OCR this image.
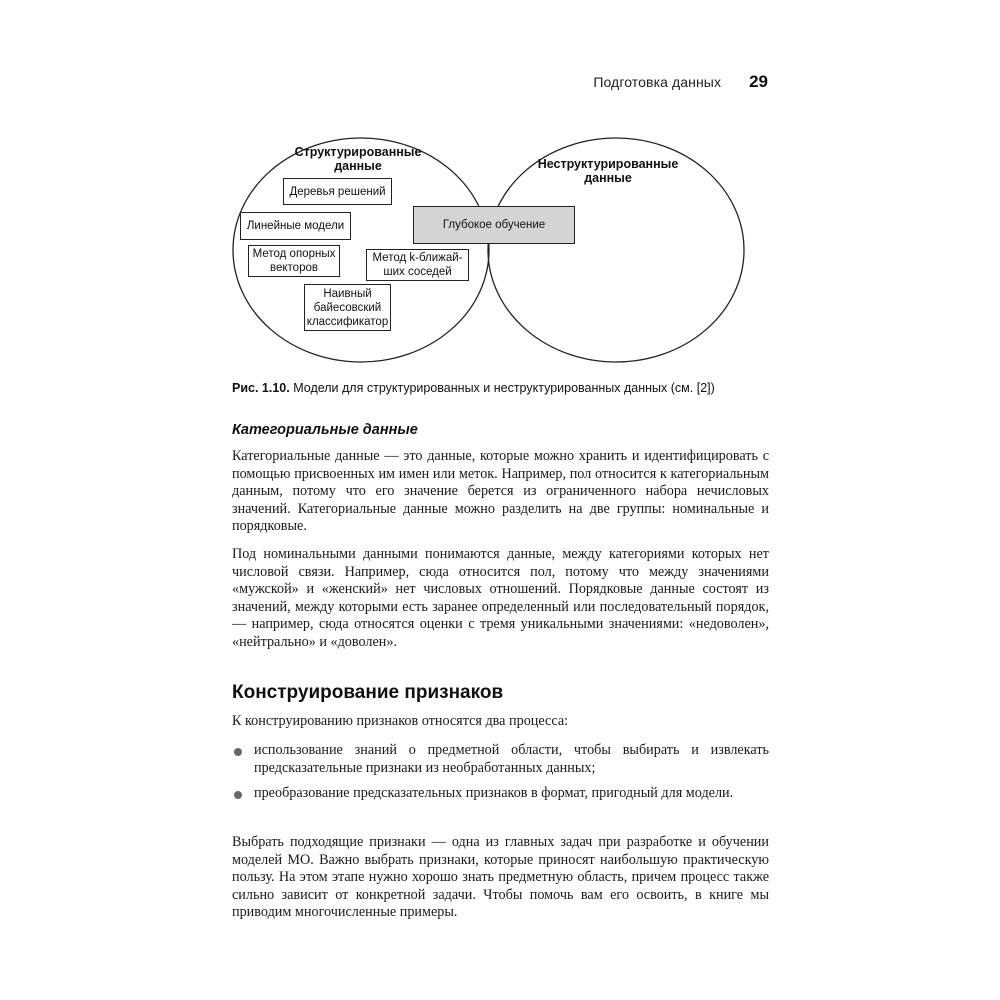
Подготовка данных 29
Структурированные
данные	Неструктурированные
данные
Деревья решений
Линейные модели	Глубокое обучение
Метод опорных
векторов
Метод k-ближай-
ших соседей
Наивный
байесовский
классификатор
Рис. 1.10. Модели для структурированных и неструктурированных данных (см. [2])
Категориальные данные

Категориальные данные — это данные, которые можно хранить и идентифицировать с помощью присвоенных им имен или меток. Например, пол относится к категориальным данным, потому что его значение берется из ограниченного набора нечисловых значений. Категориальные данные можно разделить на две группы: номинальные и порядковые.

Под номинальными данными понимаются данные, между категориями которых нет числовой связи. Например, сюда относится пол, потому что между значениями «мужской» и «женский» нет числовых отношений. Порядковые данные состоят из значений, между которыми есть заранее определенный или последовательный порядок, — например, сюда относятся оценки с тремя уникальными значениями: «недоволен», «нейтрально» и «доволен».

Конструирование признаков

К конструированию признаков относятся два процесса:

использование знаний о предметной области, чтобы выбирать и извлекать предсказательные признаки из необработанных данных;
преобразование предсказательных признаков в формат, пригодный для модели.

Выбрать подходящие признаки — одна из главных задач при разработке и обучении моделей МО. Важно выбрать признаки, которые приносят наибольшую практическую пользу. На этом этапе нужно хорошо знать предметную область, причем процесс также сильно зависит от конкретной задачи. Чтобы помочь вам его освоить, в книге мы приводим многочисленные примеры.
